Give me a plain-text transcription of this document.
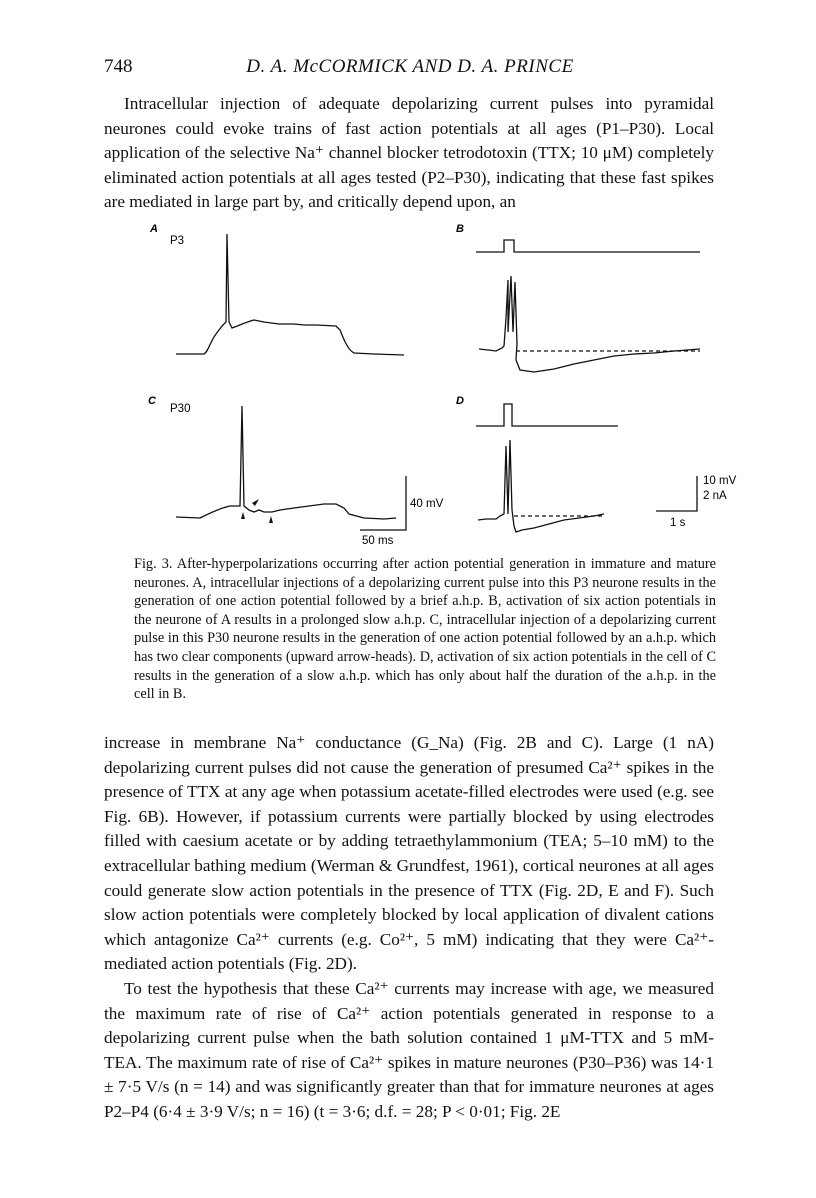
748	D. A. McCORMICK AND D. A. PRINCE

Intracellular injection of adequate depolarizing current pulses into pyramidal neurones could evoke trains of fast action potentials at all ages (P1–P30). Local application of the selective Na⁺ channel blocker tetrodotoxin (TTX; 10 μM) completely eliminated action potentials at all ages tested (P2–P30), indicating that these fast spikes are mediated in large part by, and critically depend upon, an

A
P3
B
C
P30
D
40 mV
50 ms
10 mV
2 nA
1 s

Fig. 3. After-hyperpolarizations occurring after action potential generation in immature and mature neurones. A, intracellular injections of a depolarizing current pulse into this P3 neurone results in the generation of one action potential followed by a brief a.h.p. B, activation of six action potentials in the neurone of A results in a prolonged slow a.h.p. C, intracellular injection of a depolarizing current pulse in this P30 neurone results in the generation of one action potential followed by an a.h.p. which has two clear components (upward arrow-heads). D, activation of six action potentials in the cell of C results in the generation of a slow a.h.p. which has only about half the duration of the a.h.p. in the cell in B.

increase in membrane Na⁺ conductance (G_Na) (Fig. 2B and C). Large (1 nA) depolarizing current pulses did not cause the generation of presumed Ca²⁺ spikes in the presence of TTX at any age when potassium acetate-filled electrodes were used (e.g. see Fig. 6B). However, if potassium currents were partially blocked by using electrodes filled with caesium acetate or by adding tetraethylammonium (TEA; 5–10 mM) to the extracellular bathing medium (Werman & Grundfest, 1961), cortical neurones at all ages could generate slow action potentials in the presence of TTX (Fig. 2D, E and F). Such slow action potentials were completely blocked by local application of divalent cations which antagonize Ca²⁺ currents (e.g. Co²⁺, 5 mM) indicating that they were Ca²⁺-mediated action potentials (Fig. 2D).

To test the hypothesis that these Ca²⁺ currents may increase with age, we measured the maximum rate of rise of Ca²⁺ action potentials generated in response to a depolarizing current pulse when the bath solution contained 1 μM-TTX and 5 mM-TEA. The maximum rate of rise of Ca²⁺ spikes in mature neurones (P30–P36) was 14·1 ± 7·5 V/s (n = 14) and was significantly greater than that for immature neurones at ages P2–P4 (6·4 ± 3·9 V/s; n = 16) (t = 3·6; d.f. = 28; P < 0·01; Fig. 2E
